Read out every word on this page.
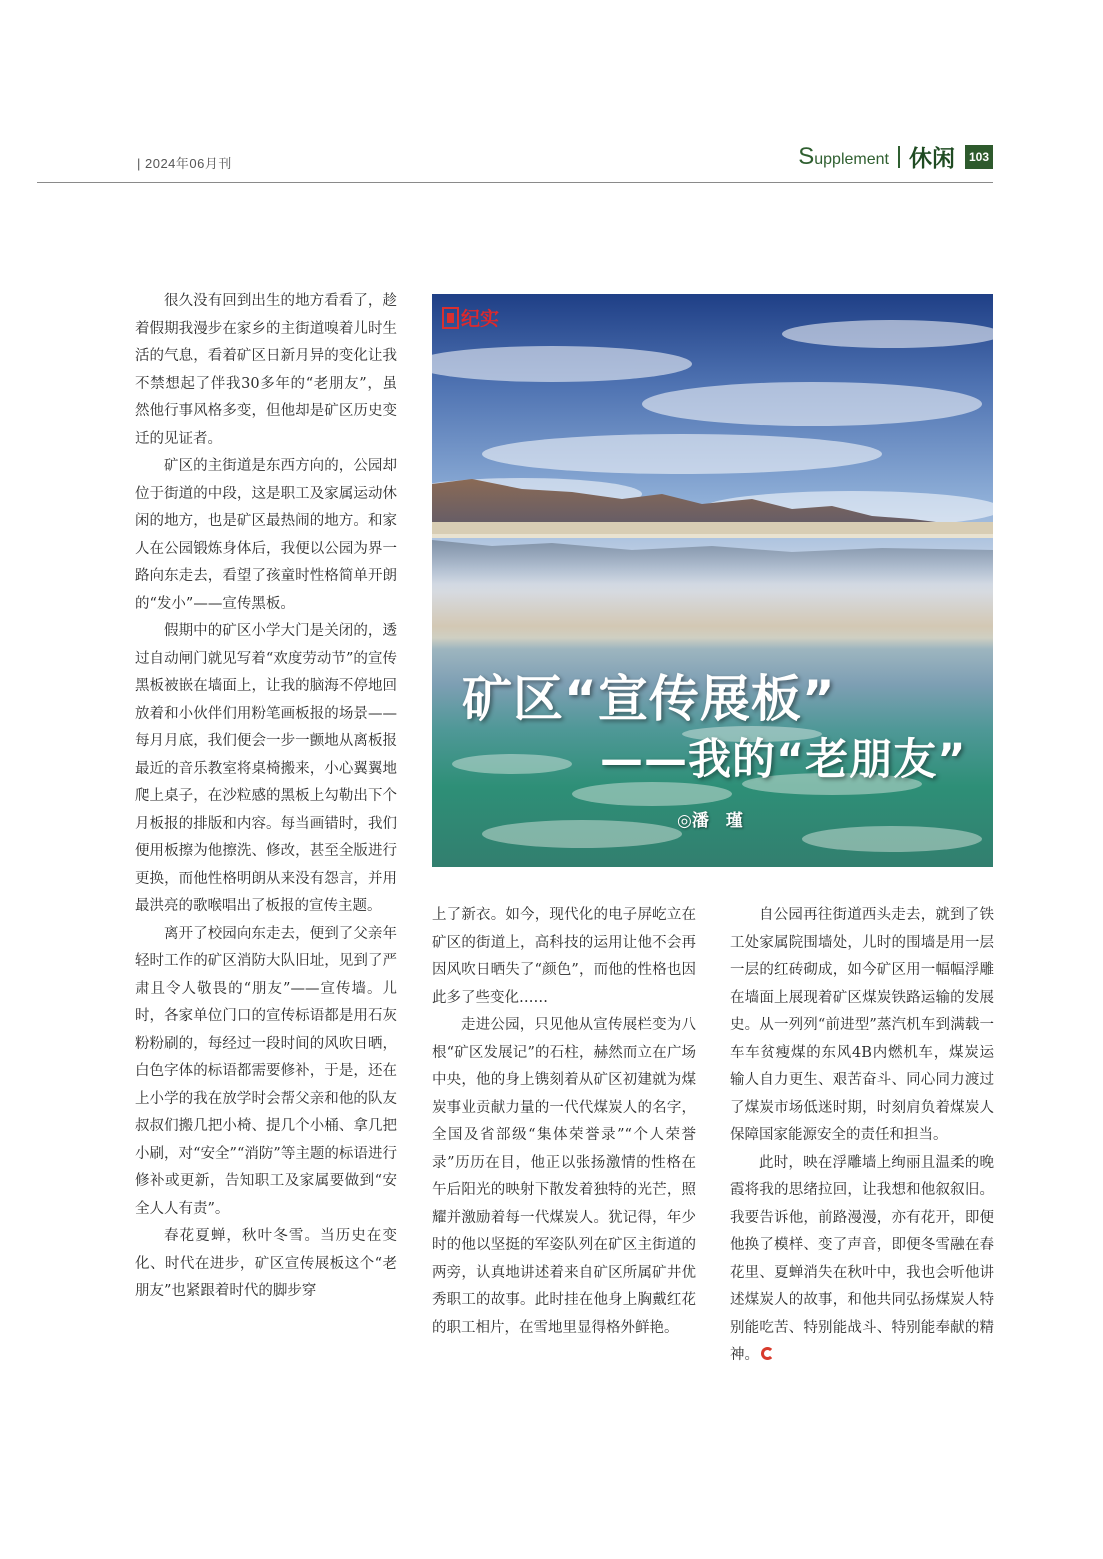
| 2024年06月刊	Supplement 休闲	103
纪实
矿区“宣传展板”
——我的“老朋友”
◎潘　瑾

很久没有回到出生的地方看看了，趁着假期我漫步在家乡的主街道嗅着儿时生活的气息，看着矿区日新月异的变化让我不禁想起了伴我30多年的“老朋友”，虽然他行事风格多变，但他却是矿区历史变迁的见证者。

矿区的主街道是东西方向的，公园却位于街道的中段，这是职工及家属运动休闲的地方，也是矿区最热闹的地方。和家人在公园锻炼身体后，我便以公园为界一路向东走去，看望了孩童时性格简单开朗的“发小”——宣传黑板。

假期中的矿区小学大门是关闭的，透过自动闸门就见写着“欢度劳动节”的宣传黑板被嵌在墙面上，让我的脑海不停地回放着和小伙伴们用粉笔画板报的场景——每月月底，我们便会一步一颤地从离板报最近的音乐教室将桌椅搬来，小心翼翼地爬上桌子，在沙粒感的黑板上勾勒出下个月板报的排版和内容。每当画错时，我们便用板擦为他擦洗、修改，甚至全版进行更换，而他性格明朗从来没有怨言，并用最洪亮的歌喉唱出了板报的宣传主题。

离开了校园向东走去，便到了父亲年轻时工作的矿区消防大队旧址，见到了严肃且令人敬畏的“朋友”——宣传墙。儿时，各家单位门口的宣传标语都是用石灰粉粉刷的，每经过一段时间的风吹日晒，白色字体的标语都需要修补，于是，还在上小学的我在放学时会帮父亲和他的队友叔叔们搬几把小椅、提几个小桶、拿几把小刷，对“安全”“消防”等主题的标语进行修补或更新，告知职工及家属要做到“安全人人有责”。

春花夏蝉，秋叶冬雪。当历史在变化、时代在进步，矿区宣传展板这个“老朋友”也紧跟着时代的脚步穿

上了新衣。如今，现代化的电子屏屹立在矿区的街道上，高科技的运用让他不会再因风吹日晒失了“颜色”，而他的性格也因此多了些变化……

走进公园，只见他从宣传展栏变为八根“矿区发展记”的石柱，赫然而立在广场中央，他的身上镌刻着从矿区初建就为煤炭事业贡献力量的一代代煤炭人的名字，全国及省部级“集体荣誉录”“个人荣誉录”历历在目，他正以张扬激情的性格在午后阳光的映射下散发着独特的光芒，照耀并激励着每一代煤炭人。犹记得，年少时的他以坚挺的军姿队列在矿区主街道的两旁，认真地讲述着来自矿区所属矿井优秀职工的故事。此时挂在他身上胸戴红花的职工相片，在雪地里显得格外鲜艳。

自公园再往街道西头走去，就到了铁工处家属院围墙处，儿时的围墙是用一层一层的红砖砌成，如今矿区用一幅幅浮雕在墙面上展现着矿区煤炭铁路运输的发展史。从一列列“前进型”蒸汽机车到满载一车车贫瘦煤的东风4B内燃机车，煤炭运输人自力更生、艰苦奋斗、同心同力渡过了煤炭市场低迷时期，时刻肩负着煤炭人保障国家能源安全的责任和担当。

此时，映在浮雕墙上绚丽且温柔的晚霞将我的思绪拉回，让我想和他叙叙旧。我要告诉他，前路漫漫，亦有花开，即便他换了模样、变了声音，即便冬雪融在春花里、夏蝉消失在秋叶中，我也会听他讲述煤炭人的故事，和他共同弘扬煤炭人特别能吃苦、特别能战斗、特别能奉献的精神。
